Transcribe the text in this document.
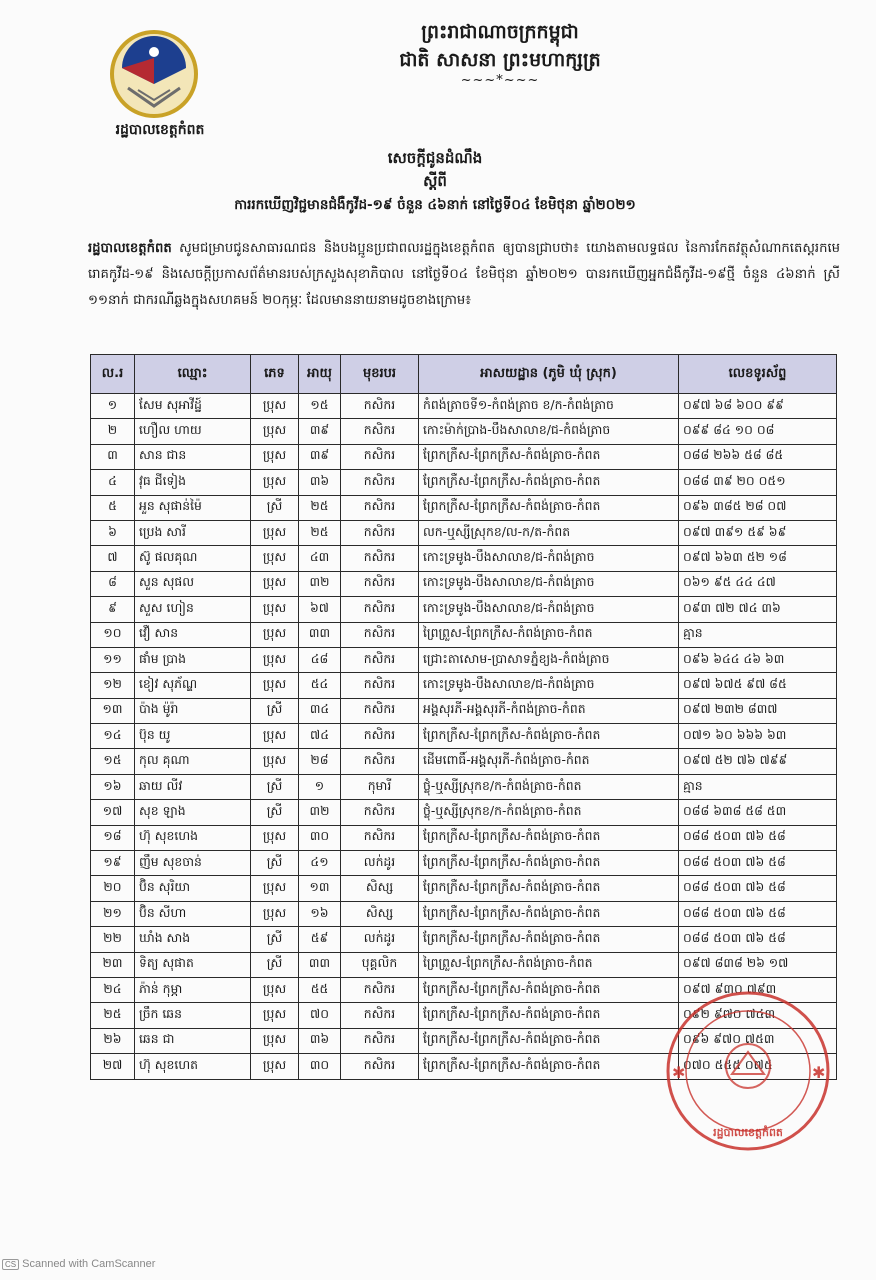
រដ្ឋបាលខេត្តកំពត
ព្រះរាជាណាចក្រកម្ពុជា
ជាតិ សាសនា ព្រះមហាក្សត្រ
~~~*~~~
សេចក្តីជូនដំណឹង
ស្តីពី
ការរកឃើញវិជ្ជមានជំងឺកូវីដ-១៩ ចំនួន ៤៦នាក់ នៅថ្ងៃទី០៤ ខែមិថុនា ឆ្នាំ២០២១
រដ្ឋបាលខេត្តកំពត សូមជម្រាបជូនសាធារណជន និងបងប្អូនប្រជាពលរដ្ឋក្នុងខេត្តកំពត ឲ្យបានជ្រាបថា៖ យោងតាមលទ្ធផល នៃការកែតវត្ថុសំណាកតេស្តរកមេរោគកូវីដ-១៩ និងសេចក្តីប្រកាសព័ត៌មានរបស់ក្រសួងសុខាភិបាល នៅថ្ងៃទី០៤ ខែមិថុនា ឆ្នាំ២០២១ បានរកឃើញអ្នកជំងឺកូវីដ-១៩ថ្មី ចំនួន ៤៦នាក់ ស្រី ១១នាក់ ជាករណីឆ្លងក្នុងសហគមន៍ ២០កុម្ភៈ ដែលមាននាយនាមដូចខាងក្រោម៖
ល.រ	ឈ្មោះ	ភេទ	អាយុ	មុខរបរ	អាសយដ្ឋាន (ភូមិ ឃុំ ស្រុក)	លេខទូរស័ព្ទ
១	សែម សុអាវីដ្ឋ៍	ប្រុស	១៥	កសិករ	កំពង់ត្រាចទី១-កំពង់ត្រាច ខ/ក-កំពង់ត្រាច	០៩៧ ៦៨ ៦០០ ៩៩
២	ហឿល ហាយ	ប្រុស	៣៩	កសិករ	កោះម៉ាក់ប្រាង-បឹងសាលាខ/ជ-កំពង់ត្រាច	០៩៩ ៨៤ ១០ ០៨
៣	សាន ជាន	ប្រុស	៣៩	កសិករ	ព្រែកក្រឺស-ព្រែកក្រឺស-កំពង់ត្រាច-កំពត	០៨៨ ២៦៦ ៥៨ ៨៥
៤	វុធ ជីទៀង	ប្រុស	៣៦	កសិករ	ព្រែកក្រឺស-ព្រែកក្រឺស-កំពង់ត្រាច-កំពត	០៨៨ ៣៩ ២០ ០៥១
៥	អួន សុផាន់ម៉ៃ	ស្រី	២៥	កសិករ	ព្រែកក្រឺស-ព្រែកក្រឺស-កំពង់ត្រាច-កំពត	០៩៦ ៣៨៥ ២៨ ០៧
៦	ប្រេង សារី	ប្រុស	២៥	កសិករ	លក-ឬស្សីស្រុកខ/ល-ក/ត-កំពត	០៩៧ ៣៩១ ៥៩ ៦៩
៧	ស៊ូ ផលគុណ	ប្រុស	៤៣	កសិករ	កោះទ្រមូង-បឹងសាលាខ/ជ-កំពង់ត្រាច	០៩៧ ៦៦៣ ៥២ ១៨
៨	សួន សុផល	ប្រុស	៣២	កសិករ	កោះទ្រមូង-បឹងសាលាខ/ជ-កំពង់ត្រាច	០៦១ ៩៥ ៤៤ ៤៧
៩	សួស ហៀន	ប្រុស	៦៧	កសិករ	កោះទ្រមូង-បឹងសាលាខ/ជ-កំពង់ត្រាច	០៩៣ ៧២ ៧៤ ៣៦
១០	វឿ សាន	ប្រុស	៣៣	កសិករ	ព្រៃព្រួស-ព្រែកក្រឺស-កំពង់ត្រាច-កំពត	គ្មាន
១១	ផាំម ប្រាង	ប្រុស	៤៨	កសិករ	ជ្រោះតាសោម-ប្រាសាទភ្នំខ្យង-កំពង់ត្រាច	០៩៦ ៦៤៤ ៤៦ ៦៣
១២	ខៀវ សុភ័ណ្ឌ	ប្រុស	៥៤	កសិករ	កោះទ្រមូង-បឹងសាលាខ/ជ-កំពង់ត្រាច	០៩៧ ៦៧៥ ៩៧ ៨៥
១៣	ប៉ាង ម៉ូរ៉ា	ស្រី	៣៤	កសិករ	អង្គសុរភី-អង្គសុរភី-កំពង់ត្រាច-កំពត	០៩៧ ២៣២ ៨៣៧
១៤	ប៊ុន យូ	ប្រុស	៧៤	កសិករ	ព្រែកក្រឺស-ព្រែកក្រឺស-កំពង់ត្រាច-កំពត	០៧១ ៦០ ៦៦៦ ៦៣
១៥	កុល គុណា	ប្រុស	២៨	កសិករ	ដើមពោធិ៍-អង្គសុរភី-កំពង់ត្រាច-កំពត	០៩៧ ៥២ ៧៦ ៧៩៩
១៦	ឆាយ លីវ	ស្រី	១	កុមារី	ថ្លុំ-ឬស្សីស្រុកខ/ក-កំពង់ត្រាច-កំពត	គ្មាន
១៧	សុខ ឡាង	ស្រី	៣២	កសិករ	ថ្លុំ-ឬស្សីស្រុកខ/ក-កំពង់ត្រាច-កំពត	០៨៨ ៦៣៨ ៥៨ ៥៣
១៨	ហ៊ុ សុខហេង	ប្រុស	៣០	កសិករ	ព្រែកក្រឺស-ព្រែកក្រឺស-កំពង់ត្រាច-កំពត	០៨៨ ៥០៣ ៧៦ ៥៨
១៩	ញឹម សុខចាន់	ស្រី	៤១	លក់ដូរ	ព្រែកក្រឺស-ព្រែកក្រឺស-កំពង់ត្រាច-កំពត	០៨៨ ៥០៣ ៧៦ ៥៨
២០	ប៊ិន សុរិយា	ប្រុស	១៣	សិស្ស	ព្រែកក្រឺស-ព្រែកក្រឺស-កំពង់ត្រាច-កំពត	០៨៨ ៥០៣ ៧៦ ៥៨
២១	ប៊ិន សីហា	ប្រុស	១៦	សិស្ស	ព្រែកក្រឺស-ព្រែកក្រឺស-កំពង់ត្រាច-កំពត	០៨៨ ៥០៣ ៧៦ ៥៨
២២	ឃាំង សាង	ស្រី	៥៩	លក់ដូរ	ព្រែកក្រឺស-ព្រែកក្រឺស-កំពង់ត្រាច-កំពត	០៨៨ ៥០៣ ៧៦ ៥៨
២៣	ទិត្យ សុផាត	ស្រី	៣៣	បុគ្គលិក	ព្រៃព្រួស-ព្រែកក្រឺស-កំពង់ត្រាច-កំពត	០៩៧ ៨៣៨ ២៦ ១៧
២៤	ភ៉ាន់ កុម្ភា	ប្រុស	៥៥	កសិករ	ព្រែកក្រឺស-ព្រែកក្រឺស-កំពង់ត្រាច-កំពត	០៩៧ ៩៣០ ៧៩៣
២៥	ច្រឹក ឆេន	ប្រុស	៧០	កសិករ	ព្រែកក្រឺស-ព្រែកក្រឺស-កំពង់ត្រាច-កំពត	០៩២ ៩៧០ ៧៤៣
២៦	ឆេន ជា	ប្រុស	៣៦	កសិករ	ព្រែកក្រឺស-ព្រែកក្រឺស-កំពង់ត្រាច-កំពត	០៩៦ ៩៧០ ៧៥៣
២៧	ហ៊ុ សុខហេត	ប្រុស	៣០	កសិករ	ព្រែកក្រឺស-ព្រែកក្រឺស-កំពង់ត្រាច-កំពត	០៧០ ៥៥៥ ០៧៥
✱	✱
រដ្ឋបាលខេត្តកំពត
CS Scanned with CamScanner
